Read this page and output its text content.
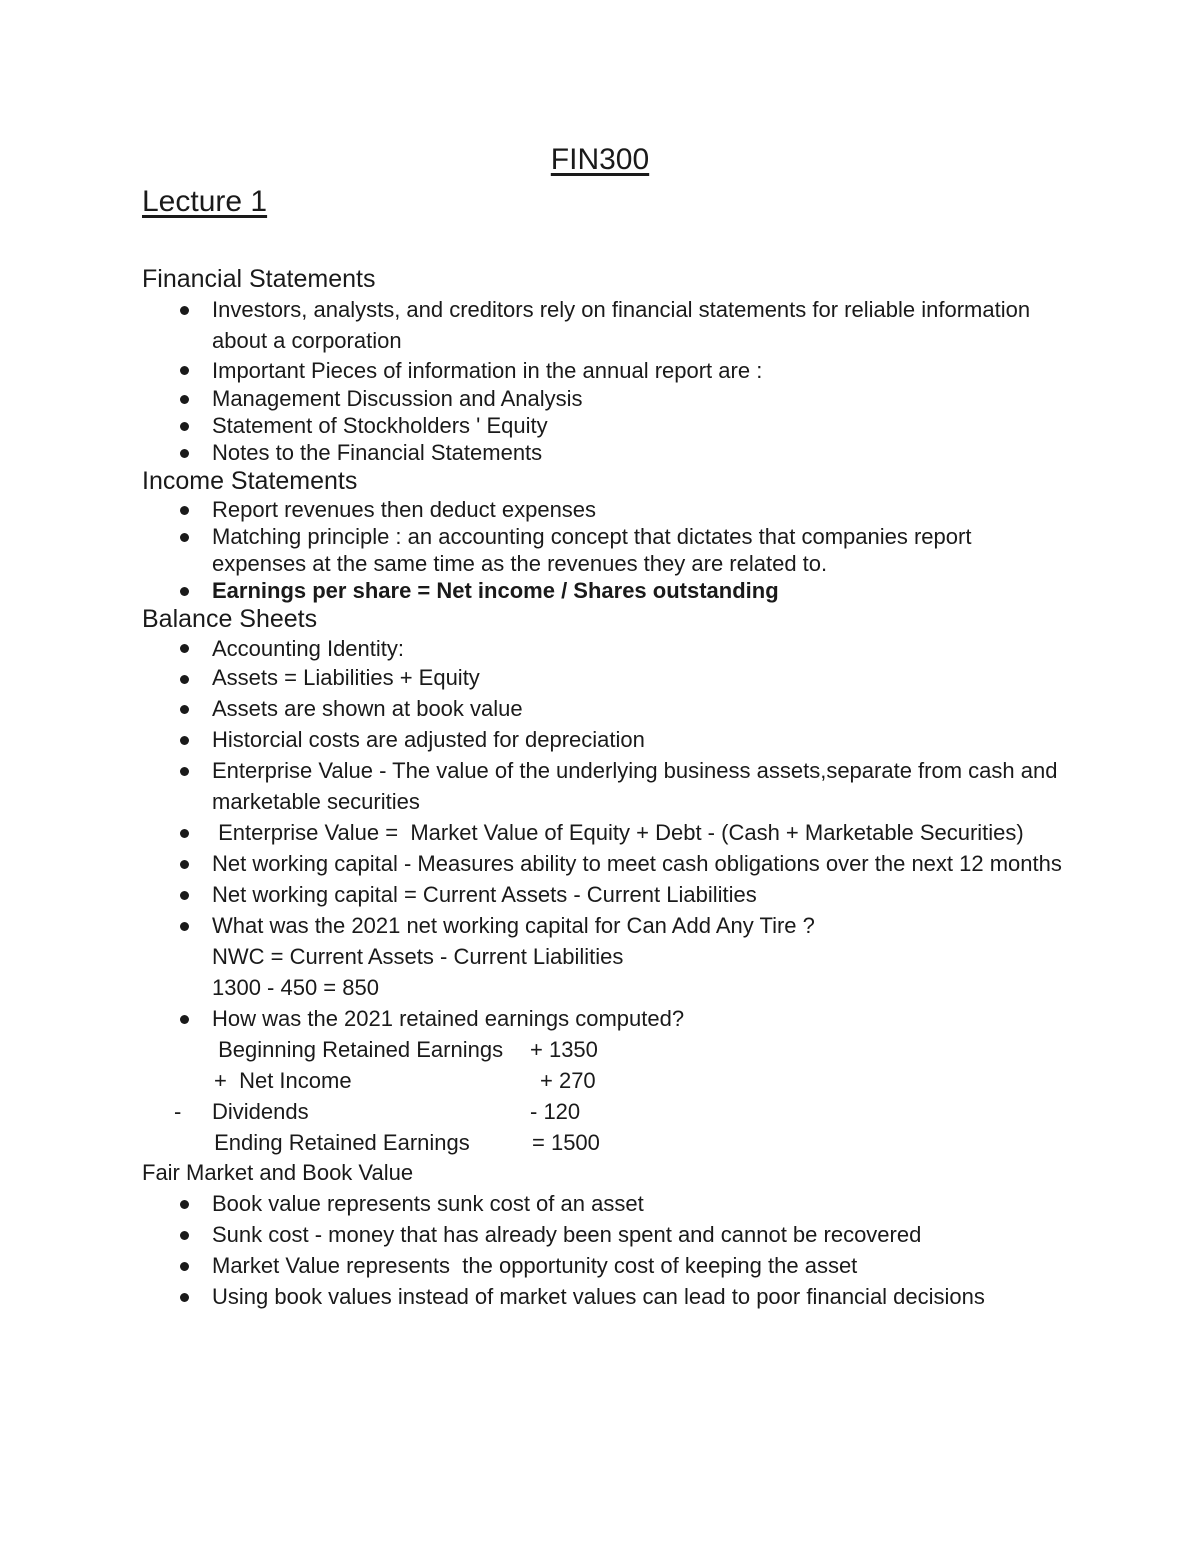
FIN300
Lecture 1
Financial Statements
Investors, analysts, and creditors rely on financial statements for reliable information about a corporation
Important Pieces of information in the annual report are :
Management Discussion and Analysis
Statement of Stockholders ' Equity
Notes to the Financial Statements
Income Statements
Report revenues then deduct expenses
Matching principle : an accounting concept that dictates that companies report expenses at the same time as the revenues they are related to.
Earnings per share = Net income / Shares outstanding
Balance Sheets
Accounting Identity:
Assets = Liabilities + Equity
Assets are shown at book value
Historcial costs are adjusted for depreciation
Enterprise Value - The value of the underlying business assets,separate from cash and marketable securities
Enterprise Value =  Market Value of Equity + Debt - (Cash + Marketable Securities)
Net working capital - Measures ability to meet cash obligations over the next 12 months
Net working capital = Current Assets - Current Liabilities
What was the 2021 net working capital for Can Add Any Tire ?
NWC = Current Assets - Current Liabilities
1300 - 450 = 850
How was the 2021 retained earnings computed?
Beginning Retained Earnings + 1350
+  Net Income	+ 270
- Dividends	- 120
Ending Retained Earnings	= 1500
Fair Market and Book Value
Book value represents sunk cost of an asset
Sunk cost - money that has already been spent and cannot be recovered
Market Value represents  the opportunity cost of keeping the asset
Using book values instead of market values can lead to poor financial decisions
